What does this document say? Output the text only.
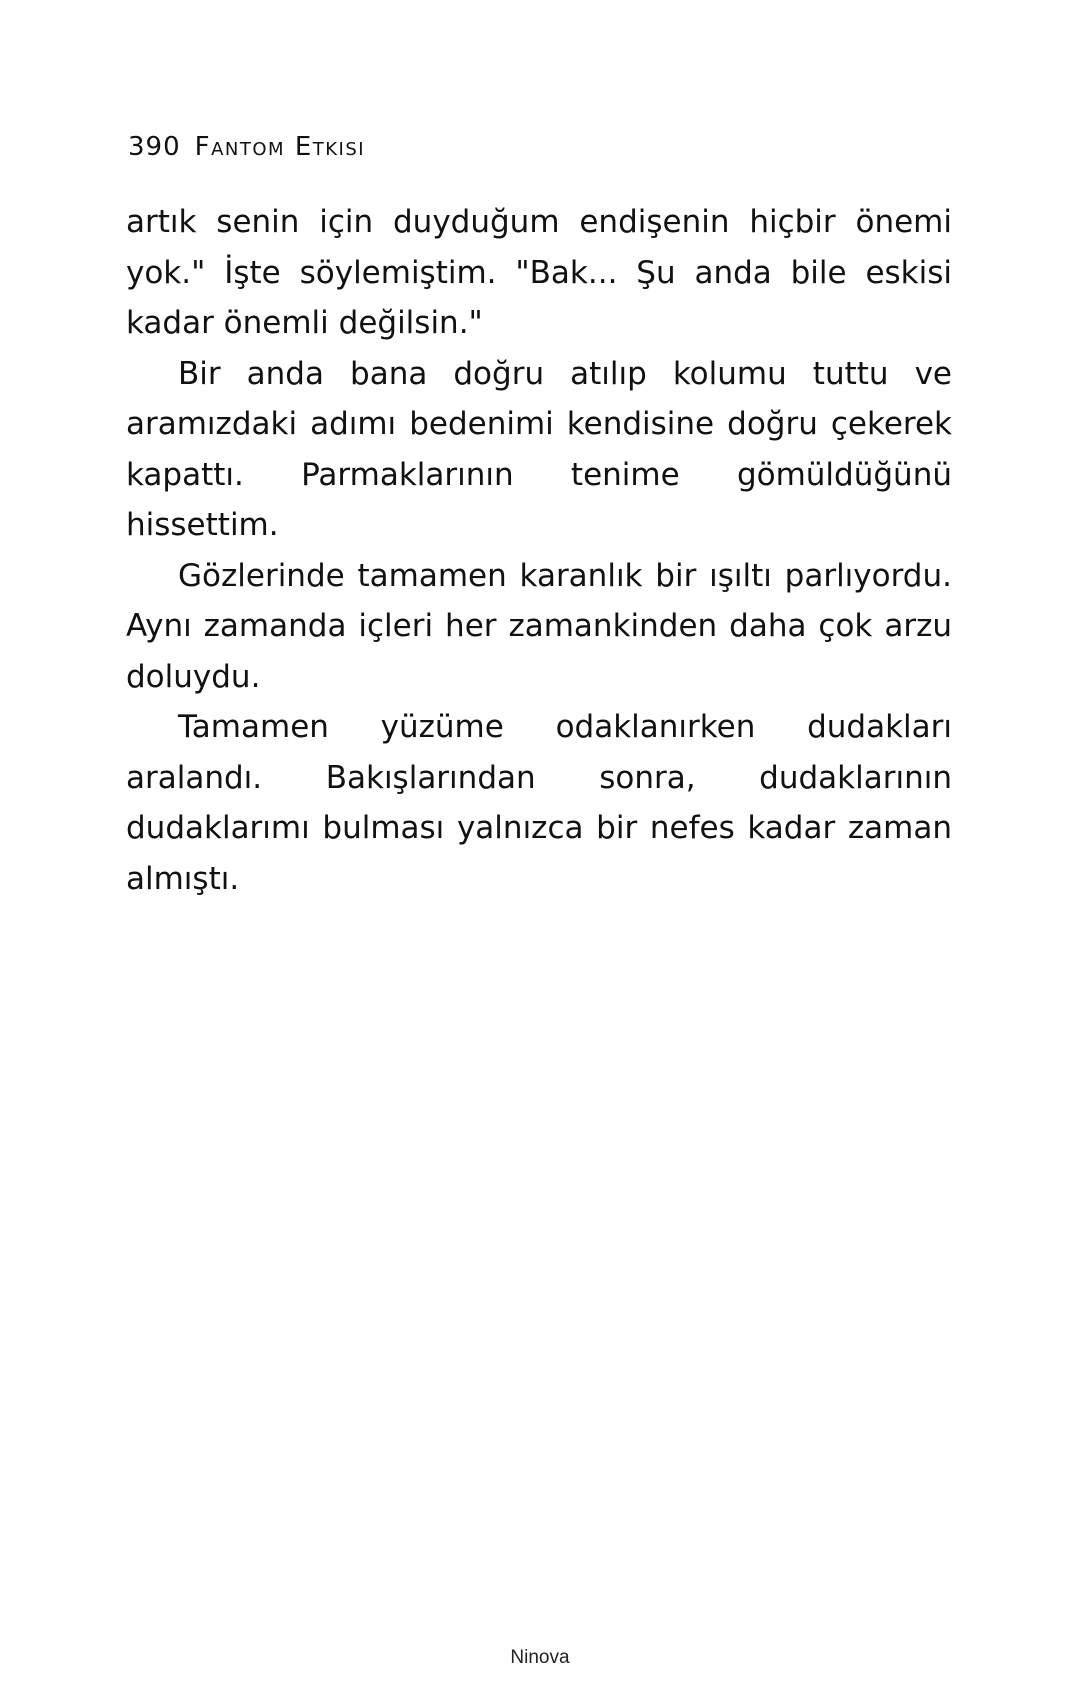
390 Fantom Etkisi

artık senin için duyduğum endişenin hiçbir önemi yok." İşte söylemiştim. "Bak... Şu anda bile eskisi kadar önemli değilsin."

Bir anda bana doğru atılıp kolumu tuttu ve aramızdaki adımı bedenimi kendisine doğru çekerek kapattı. Parmaklarının tenime gömüldüğünü hissettim.

Gözlerinde tamamen karanlık bir ışıltı parlıyordu. Aynı zamanda içleri her zamankinden daha çok arzu doluydu.

Tamamen yüzüme odaklanırken dudakları aralandı. Bakışlarından sonra, dudaklarının dudaklarımı bulması yalnızca bir nefes kadar zaman almıştı.

Ninova
